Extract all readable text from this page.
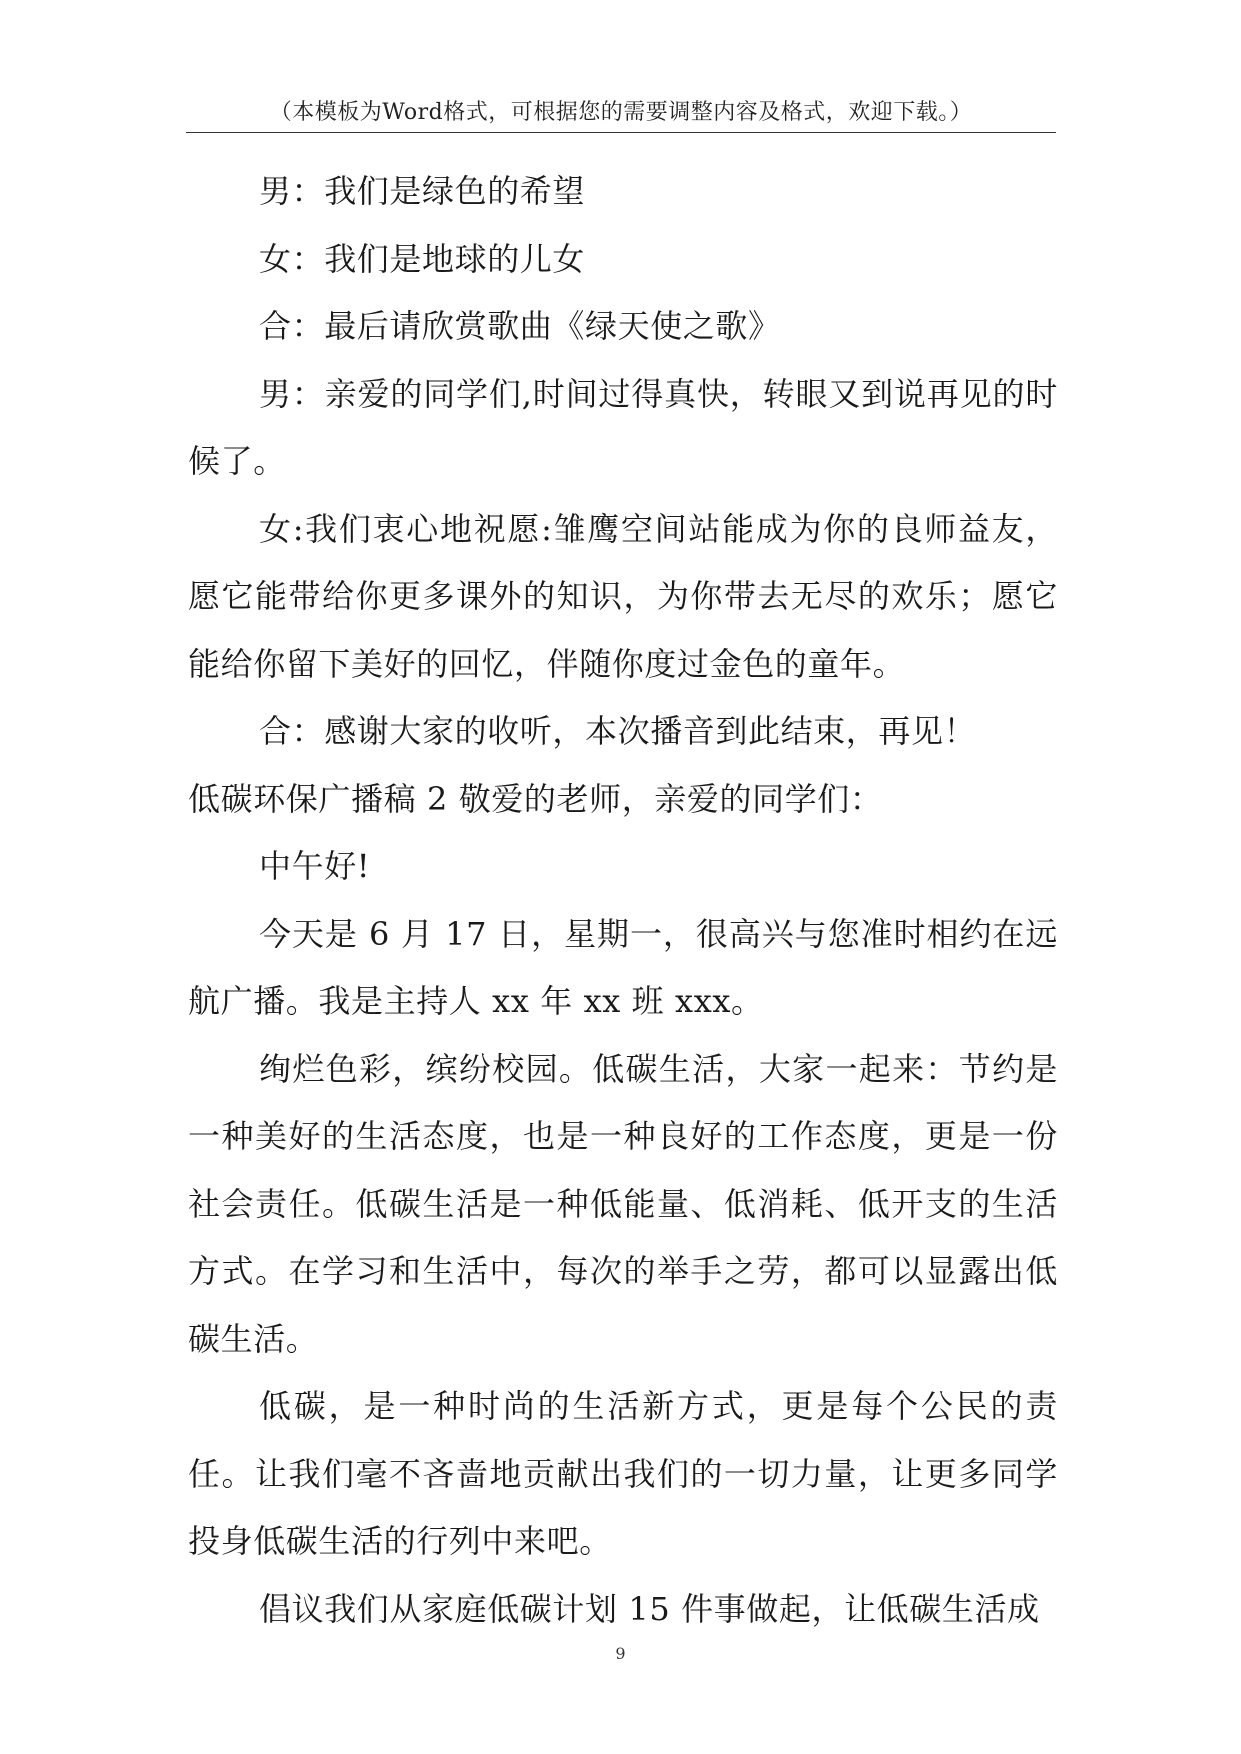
（本模板为Word格式，可根据您的需要调整内容及格式，欢迎下载。）

男：我们是绿色的希望

女：我们是地球的儿女

合：最后请欣赏歌曲《绿天使之歌》

男：亲爱的同学们,时间过得真快，转眼又到说再见的时候了。

女:我们衷心地祝愿:雏鹰空间站能成为你的良师益友，愿它能带给你更多课外的知识，为你带去无尽的欢乐；愿它能给你留下美好的回忆，伴随你度过金色的童年。

合：感谢大家的收听，本次播音到此结束，再见！

低碳环保广播稿 2 敬爱的老师，亲爱的同学们：

中午好!

今天是 6 月 17 日，星期一，很高兴与您准时相约在远航广播。我是主持人 xx 年 xx 班 xxx。

绚烂色彩，缤纷校园。低碳生活，大家一起来：节约是一种美好的生活态度，也是一种良好的工作态度，更是一份社会责任。低碳生活是一种低能量、低消耗、低开支的生活方式。在学习和生活中，每次的举手之劳，都可以显露出低碳生活。

低碳，是一种时尚的生活新方式，更是每个公民的责任。让我们毫不吝啬地贡献出我们的一切力量，让更多同学投身低碳生活的行列中来吧。

倡议我们从家庭低碳计划 15 件事做起，让低碳生活成

9
